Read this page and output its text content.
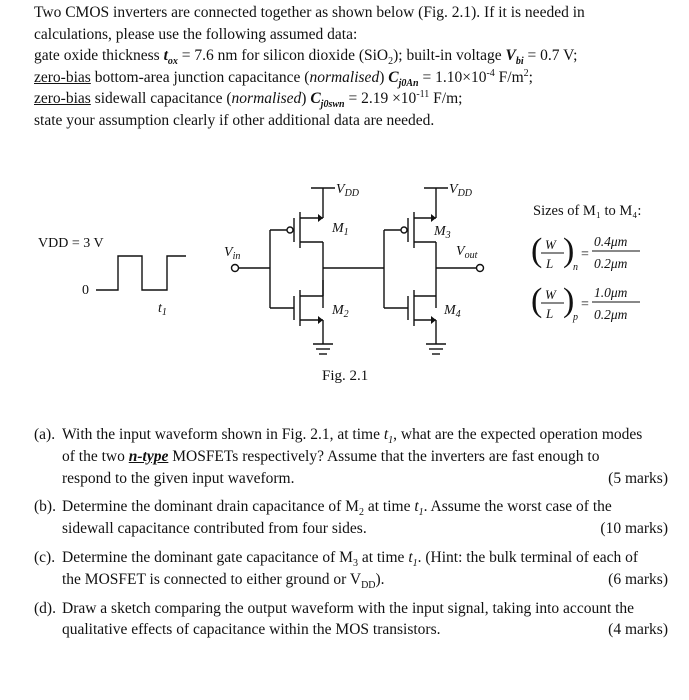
Two CMOS inverters are connected together as shown below (Fig. 2.1). If it is needed in
calculations, please use the following assumed data:
gate oxide thickness $t_{ox} = 7.6$ nm for silicon dioxide (SiO$_2$); built-in voltage $V_{bi} = 0.7$ V;
zero-bias bottom-area junction capacitance (normalised) $C_{j0An} = 1.10\times 10^{-4}$ $F/m^2$;
zero-bias sidewall capacitance (normalised) $C_{j0swn} = 2.19 \times 10^{-11}$ F/m;
state your assumption clearly if other additional data are needed.
VDD = 3 V
0
$t_1$
$V_{in}$	$V_{out}$
$V_{DD}$	$V_{DD}$
$M_1$
$M_2$
$M_3$
$M_4$
Sizes of M₁ to M₄:
( W
L )
n
=
0.4μm
0.2μm
( W
L )
p
=
1.0μm
0.2μm
Fig. 2.1
(a). With the input waveform shown in Fig. 2.1, at time $t_1$, what are the expected operation modes
of the two n-type MOSFETs respectively? Assume that the inverters are fast enough to
respond to the given input waveform.	(5 marks)
(b). Determine the dominant drain capacitance of $M_2$ at time $t_1$. Assume the worst case of the
sidewall capacitance contributed from four sides.	(10 marks)
(c). Determine the dominant gate capacitance of $M_3$ at time $t_1$. (Hint: the bulk terminal of each of
the MOSFET is connected to either ground or $V_{DD}$).	(6 marks)
(d). Draw a sketch comparing the output waveform with the input signal, taking into account the
qualitative effects of capacitance within the MOS transistors.	(4 marks)
